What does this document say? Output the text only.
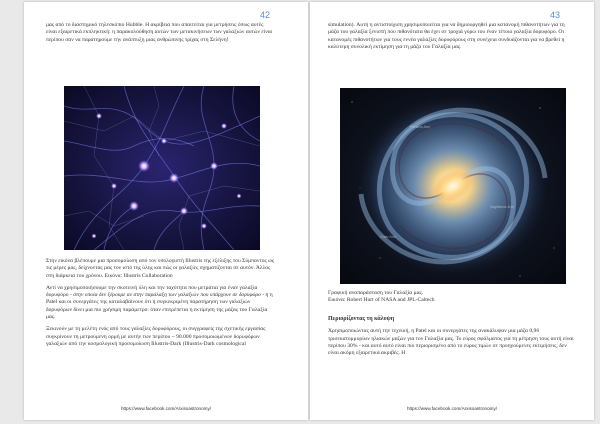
42

μας από το διαστημικό τηλεσκόπιο Hubble. Η ακρίβεια που απαιτείται για μετρήσεις όπως αυτές είναι εξαιρετικά εκπληκτική: η παρακολούθηση αυτών των μετακινήσεων των γαλαξιών αυτών είναι περίπου σαν να παρατηρούμε την ανάπτυξη μιας ανθρώπινης τρίχας στη Σελήνη!

Στην εικόνα βλέπουμε μια προσομοίωση από τον υπολογιστή Illustris της εξέλιξης του Σύμπαντος ως τις μέρες μας, δείχνοντας μας τον ιστό της ύλης και πώς οι γαλαξίες σχηματίζονται σε αυτόν. Άλλος στη διάρκεια του χρόνου. Εικόνα: Illustris Collaboration

Αντί να χρησιμοποιήσουμε την σκοτεινή ύλη και την ταχύτητα που μετράται για έναν γαλαξία δορυφόρο - στην οποία δεν ξέρουμε αν στην παράλαξη των γαλαξιών που υπάρχουν σε δορυφόρο - η η Patel και οι συνεργάτες της καταλαβαίνουν ότι η συγκεκριμένη παρατήρηση των γαλαξιών δορυφόρων δίνει μια πιο χρήσιμη παράμετρο: όταν επιτρέπεται η εκτίμηση της μάζας του Γαλαξία μας.

Ξεκινούν με τη μελέτη ενός από τους γαλαξίες δορυφόρους, οι συγγραφείς της σχετικής εργασίας συγκρίνουν τη μετρούμενη ορμή με αυτήν των περίπου ~ 90.000 προσομοιωμένων δορυφόρων γαλαξιών από την κοσμολογική προσομοίωση Illustris-Dark (Illustris-Dark cosmological

https://www.facebook.com/Arxisoastronomy/
43

simulation). Αυτή η αντιστοίχιση χρησιμοποιείται για να δημιουργηθεί μια κατανομή πιθανοτήτων για τη μάζα του γαλαξία ξενιστή που πιθανότατα θα έχει σε τροχιά γύρω του έναν τέτοιο γαλαξία δορυφόρο. Οι κατανομές πιθανοτήτων για τους εννέα γαλαξίες δορυφόρους στη συνέχεια συνδυάζονται για να βρεθεί η καλύτερη συνολική εκτίμηση για τη μάζα του Γαλαξία μας.

Perseus Arm
Sagittarius Arm
Outer Arm

Γραφική αναπαράσταση του Γαλαξία μας.

Εικόνα: Robert Hurt of NASA and JPL-Caltech

Περιορίζοντας τη κάλυψη

Χρησιμοποιώντας αυτή την τεχνική, η Patel και οι συνεργάτες της ανακάλυψαν μια μάζα 0,96 τρισεκατομμυρίων ηλιακών μαζών για τον Γαλαξία μας. Το εύρος σφάλματος για τη μέτρηση τους αυτή είναι περίπου 30% - και αυτό αυτό είναι πιο περιορισμένο από το εύρος τιμών σε προηγούμενες εκτιμήσεις, δεν είναι ακόμη εξαιρετικά ακριβές. Η

https://www.facebook.com/Arxisoastronomy/
